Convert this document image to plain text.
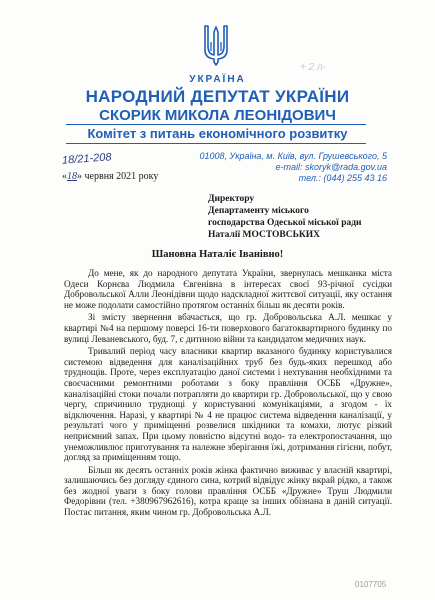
+ 2 л-
УКРАЇНА
НАРОДНИЙ ДЕПУТАТ УКРАЇНИ
СКОРИК МИКОЛА ЛЕОНІДОВИЧ
Комітет з питань економічного розвитку
01008, Україна, м. Київ, вул. Грушевського, 5
e-mail: skoryk@rada.gov.ua
тел.: (044) 255 43 16
18/21-208
«18» червня 2021 року
Директору
Департаменту міського
господарства Одеської міської ради
Наталії МОСТОВСЬКИХ
Шановна Наталіє Іванівно!

До мене, як до народного депутата України, звернулась мешканка міста Одеси Корнєва Людмила Євгенівна в інтересах своєї 93-річної сусідки Добровольської Алли Леонідівни щодо надскладної життєвої ситуації, яку остання не може подолати самостійно протягом останніх більш як десяти років.

Зі змісту звернення вбачається, що гр. Добровольська А.Л. мешкає у квартирі №4 на першому поверсі 16-ти поверхового багатоквартирного будинку по вулиці Леваневського, буд. 7, є дитиною війни та кандидатом медичних наук.

Тривалий період часу власники квартир вказаного будинку користувалися системою відведення для каналізаційних труб без будь-яких перешкод або труднощів. Проте, через експлуатацію даної системи і нехтування необхідними та своєчасними ремонтними роботами з боку правління ОСББ «Дружне», каналізаційні стоки почали потрапляти до квартири гр. Добровольської, що у свою чергу, спричинило труднощі у користуванні комунікаціями, а згодом - їх відключення. Наразі, у квартирі № 4 не працює система відведення каналізації, у результаті чого у приміщенні розвелися шкідники та комахи, лютує різкий неприємний запах. При цьому повністю відсутні водо- та електропостачання, що унеможливлює приготування та належне зберігання їжі, дотримання гігієни, побут, догляд за приміщенням тощо.

Більш як десять останніх років жінка фактично виживає у власній квартирі, залишаючись без догляду єдиного сина, котрий відвідує жінку вкрай рідко, а також без жодної уваги з боку голови правління ОСББ «Дружне» Труш Людмили Федорівни (тел. +380967962616), котра краще за інших обізнана в даній ситуації. Постає питання, яким чином гр. Добровольська А.Л.

0107705
